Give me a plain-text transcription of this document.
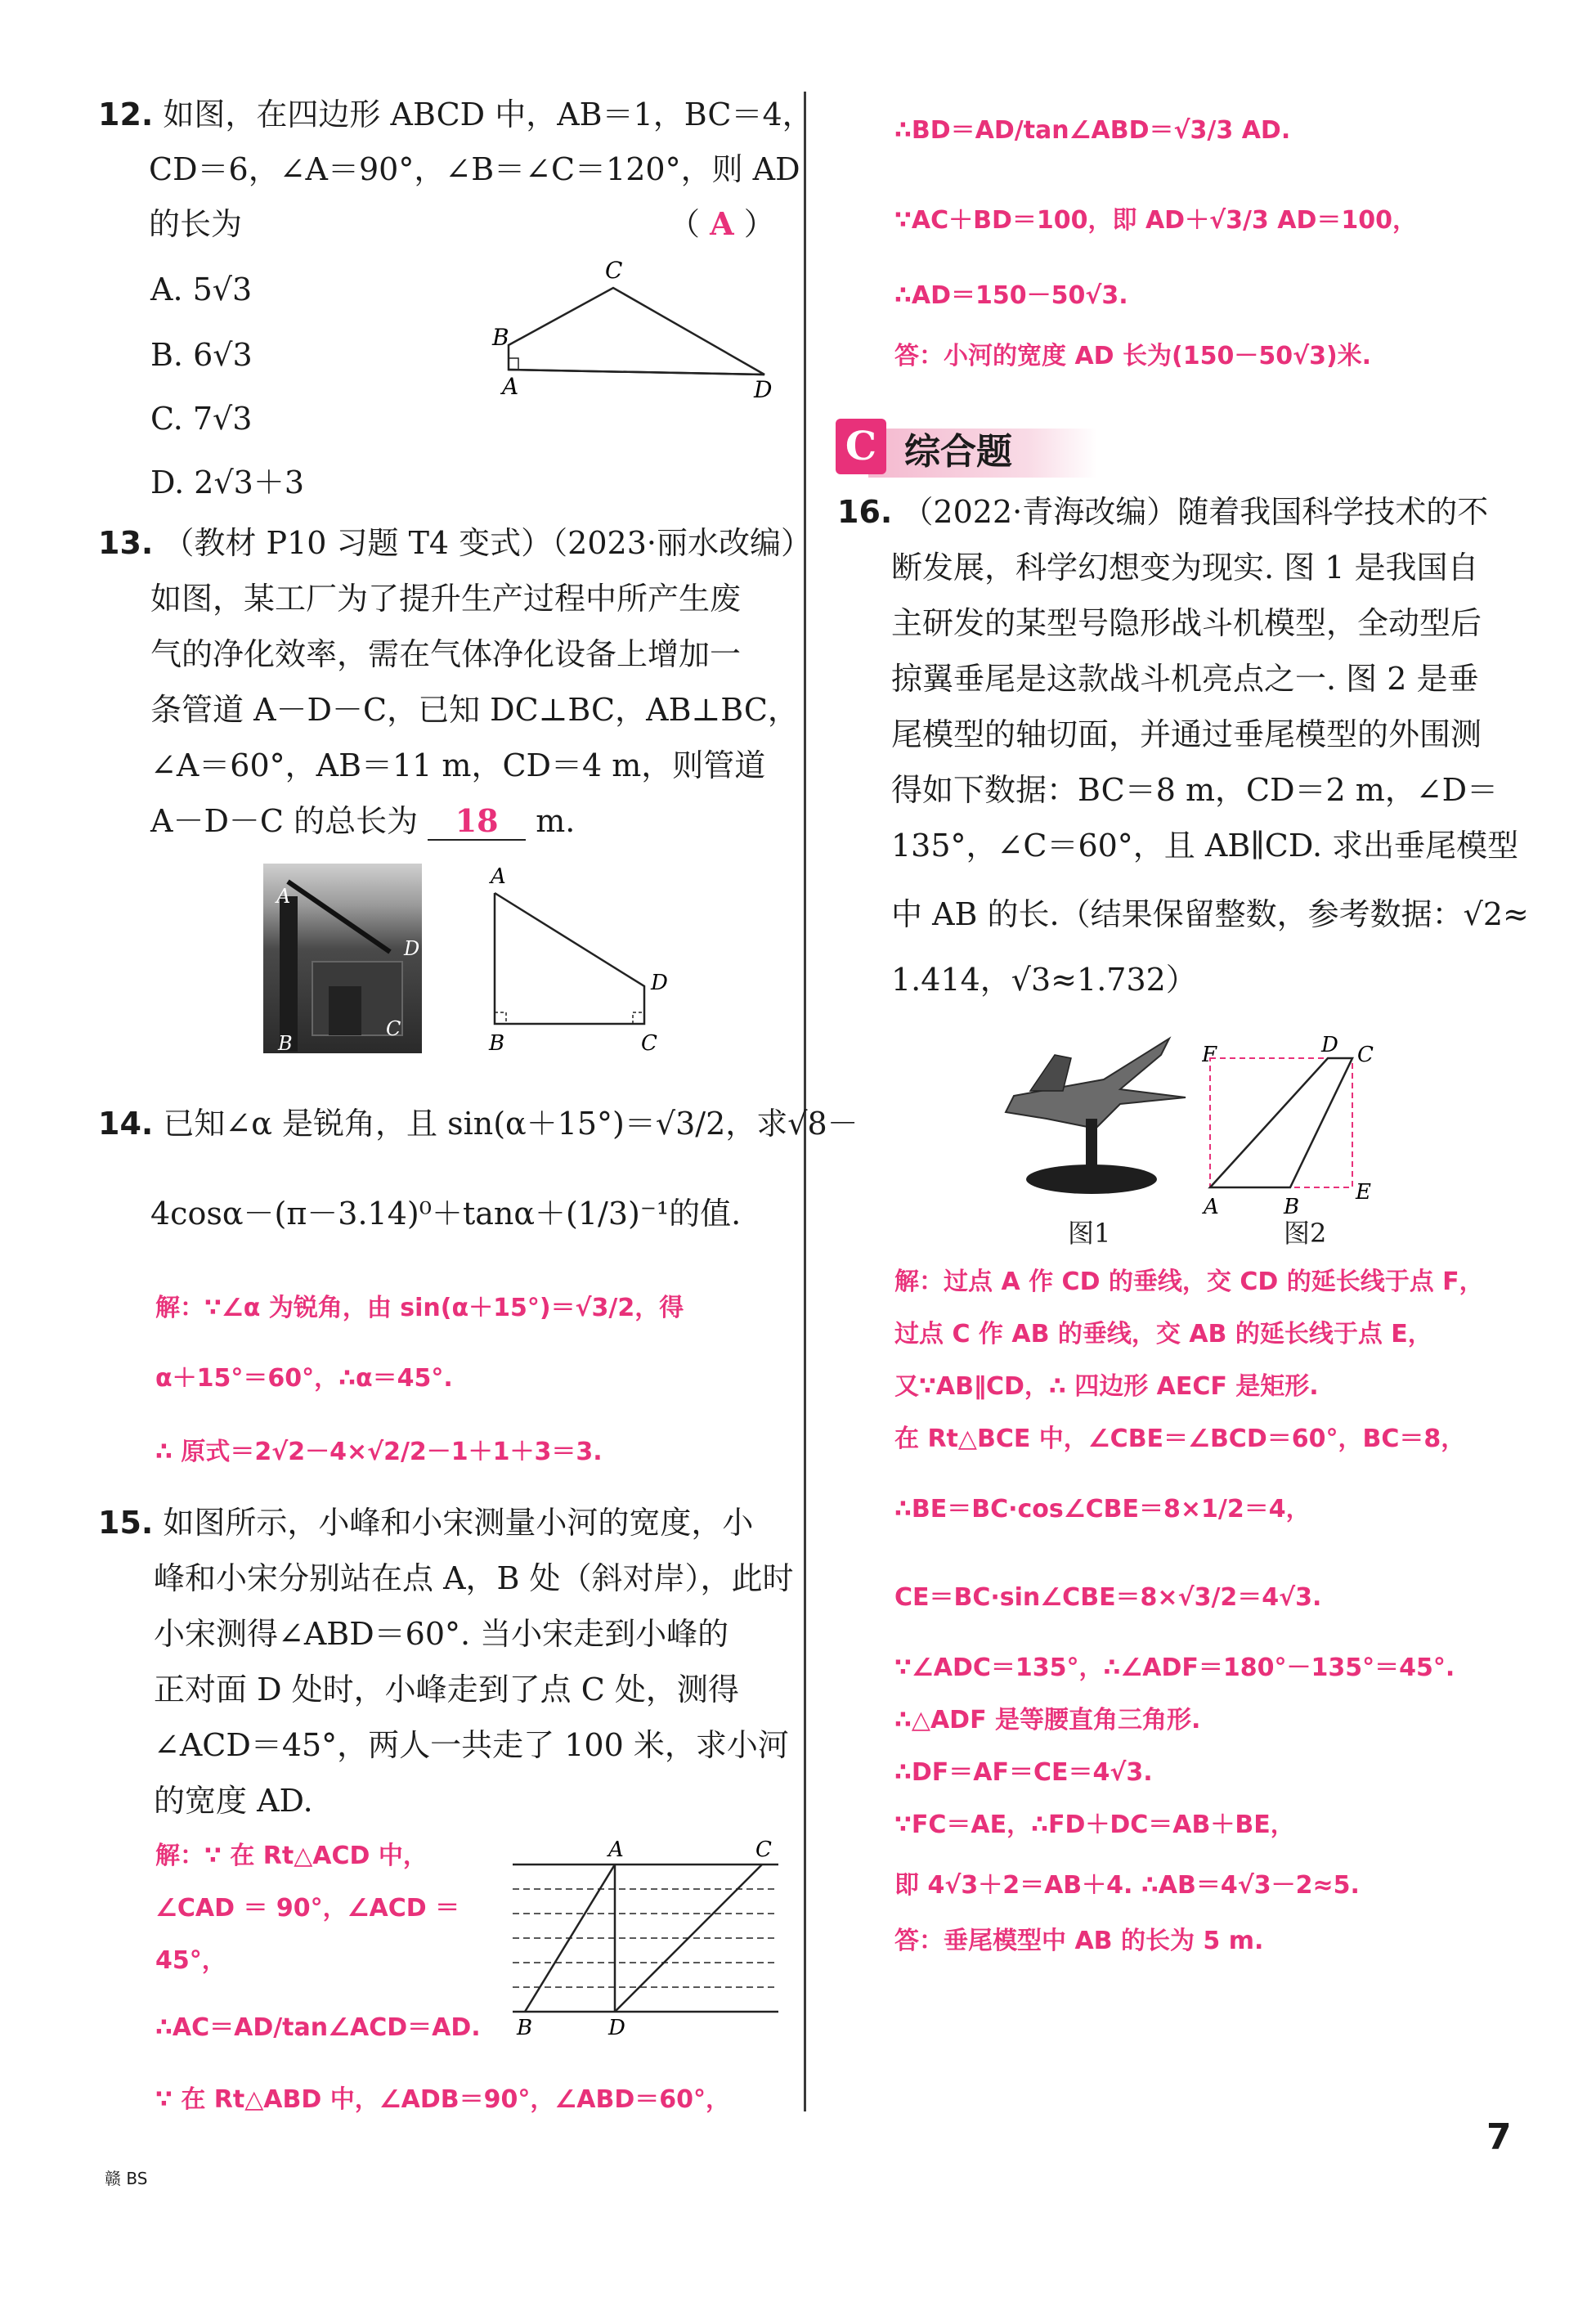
12. 如图，在四边形 ABCD 中，AB＝1，BC＝4，
CD＝6，∠A＝90°，∠B＝∠C＝120°，则 AD
的长为	（ A ）
A. 5√3
B. 6√3
C. 7√3
D. 2√3＋3
C
B
A	D
13. （教材 P10 习题 T4 变式）（2023·丽水改编）
如图，某工厂为了提升生产过程中所产生废
气的净化效率，需在气体净化设备上增加一
条管道 A－D－C，已知 DC⊥BC，AB⊥BC，
∠A＝60°，AB＝11 m，CD＝4 m，则管道
A－D－C 的总长为 18 m.
A
D
C
B
A
D
B	C
14. 已知∠α 是锐角，且 sin(α＋15°)＝√3/2，求√8－
4cosα－(π－3.14)⁰＋tanα＋(1/3)⁻¹的值.
解：∵∠α 为锐角，由 sin(α＋15°)＝√3/2，得
α＋15°＝60°，∴α＝45°.
∴ 原式＝2√2－4×√2/2－1＋1＋3＝3.
15. 如图所示，小峰和小宋测量小河的宽度，小
峰和小宋分别站在点 A，B 处（斜对岸），此时
小宋测得∠ABD＝60°. 当小宋走到小峰的
正对面 D 处时，小峰走到了点 C 处，测得
∠ACD＝45°，两人一共走了 100 米，求小河
的宽度 AD.
解：∵ 在 Rt△ACD 中，
∠CAD ＝ 90°，∠ACD ＝
45°，
∴AC＝AD/tan∠ACD＝AD.
∵ 在 Rt△ABD 中，∠ADB＝90°，∠ABD＝60°，
A	C
B	D
∴BD＝AD/tan∠ABD＝√3/3 AD.
∵AC＋BD＝100，即 AD＋√3/3 AD＝100，
∴AD＝150－50√3.
答：小河的宽度 AD 长为(150－50√3)米.
C 综合题
16. （2022·青海改编）随着我国科学技术的不
断发展，科学幻想变为现实. 图 1 是我国自
主研发的某型号隐形战斗机模型，全动型后
掠翼垂尾是这款战斗机亮点之一. 图 2 是垂
尾模型的轴切面，并通过垂尾模型的外围测
得如下数据：BC＝8 m，CD＝2 m，∠D＝
135°，∠C＝60°，且 AB∥CD. 求出垂尾模型
中 AB 的长.（结果保留整数，参考数据：√2≈
1.414，√3≈1.732）
图1
F	D C
A	B
E
图2
解：过点 A 作 CD 的垂线，交 CD 的延长线于点 F，
过点 C 作 AB 的垂线，交 AB 的延长线于点 E，
又∵AB∥CD，∴ 四边形 AECF 是矩形.
在 Rt△BCE 中，∠CBE＝∠BCD＝60°，BC＝8，
∴BE＝BC·cos∠CBE＝8×1/2＝4，
CE＝BC·sin∠CBE＝8×√3/2＝4√3.
∵∠ADC＝135°，∴∠ADF＝180°－135°＝45°.
∴△ADF 是等腰直角三角形.
∴DF＝AF＝CE＝4√3.
∵FC＝AE，∴FD＋DC＝AB＋BE，
即 4√3＋2＝AB＋4. ∴AB＝4√3－2≈5.
答：垂尾模型中 AB 的长为 5 m.
赣 BS
7
